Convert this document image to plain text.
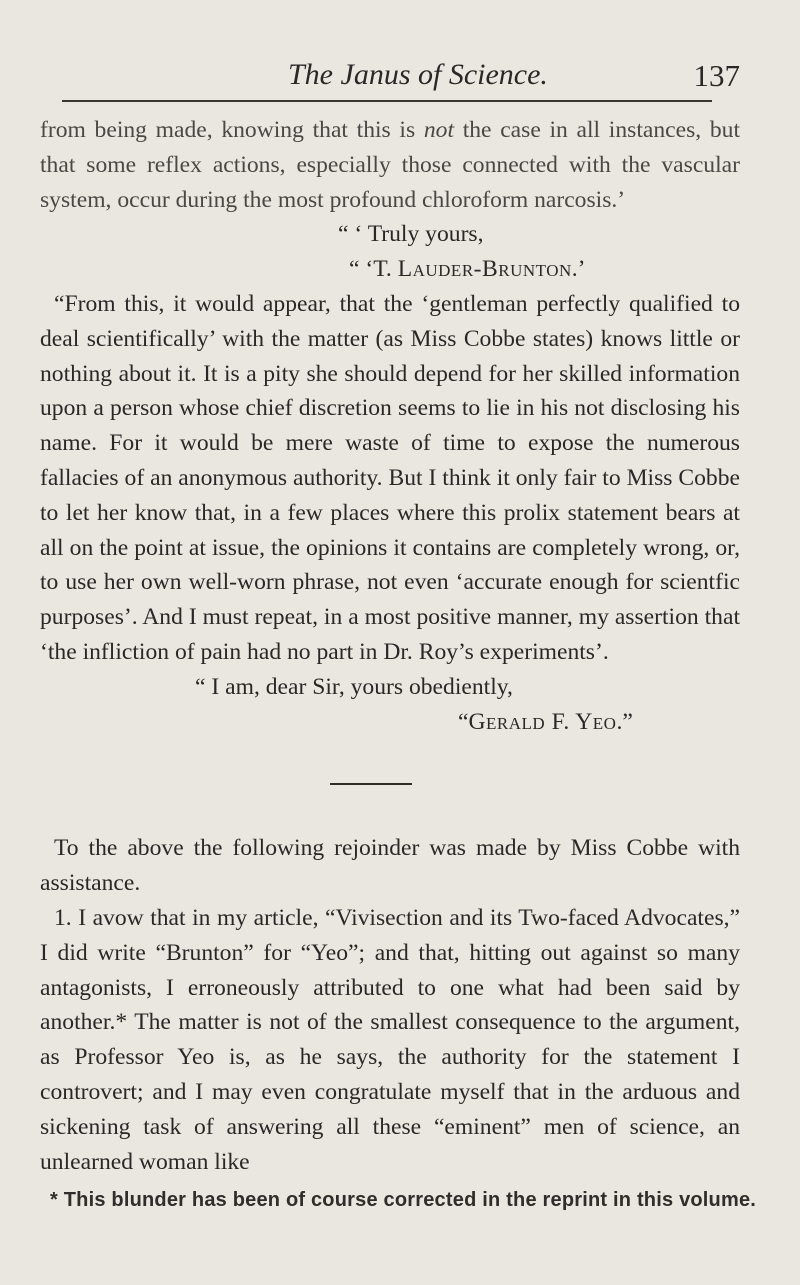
The Janus of Science.	137

from being made, knowing that this is not the case in all instances, but that some reflex actions, especially those connected with the vascular system, occur during the most profound chloroform narcosis.’

“ ‘ Truly yours,

“ ‘T. Lauder-Brunton.’

“From this, it would appear, that the ‘gentleman perfectly qualified to deal scientifically’ with the matter (as Miss Cobbe states) knows little or nothing about it. It is a pity she should depend for her skilled information upon a person whose chief discretion seems to lie in his not disclosing his name. For it would be mere waste of time to expose the numerous fallacies of an anonymous authority. But I think it only fair to Miss Cobbe to let her know that, in a few places where this prolix statement bears at all on the point at issue, the opinions it contains are completely wrong, or, to use her own well-worn phrase, not even ‘accurate enough for scientfic purposes’. And I must repeat, in a most positive manner, my assertion that ‘the infliction of pain had no part in Dr. Roy’s experiments’.

“ I am, dear Sir, yours obediently,

“Gerald F. Yeo.”

To the above the following rejoinder was made by Miss Cobbe with assistance.

1. I avow that in my article, “Vivisection and its Two-faced Advocates,” I did write “Brunton” for “Yeo”; and that, hitting out against so many antagonists, I erroneously attributed to one what had been said by another.* The matter is not of the smallest consequence to the argument, as Professor Yeo is, as he says, the authority for the statement I controvert; and I may even congratulate myself that in the arduous and sickening task of answering all these “eminent” men of science, an unlearned woman like

* This blunder has been of course corrected in the reprint in this volume.
